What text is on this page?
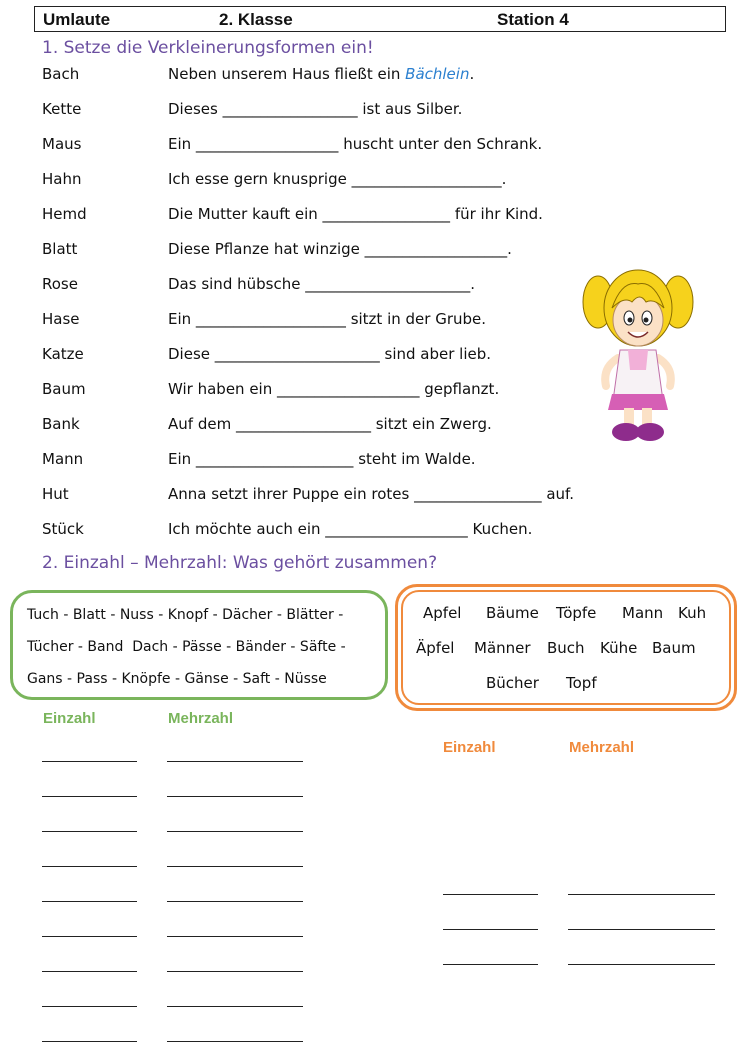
Umlaute	2. Klasse	Station 4
1. Setze die Verkleinerungsformen ein!
Bach	Neben unserem Haus fließt ein Bächlein.
Kette	Dieses __________________ ist aus Silber.
Maus	Ein ___________________ huscht unter den Schrank.
Hahn	Ich esse gern knusprige ____________________.
Hemd	Die Mutter kauft ein _________________ für ihr Kind.
Blatt	Diese Pflanze hat winzige ___________________.
Rose	Das sind hübsche ______________________.
Hase	Ein ____________________ sitzt in der Grube.
Katze	Diese ______________________ sind aber lieb.
Baum	Wir haben ein ___________________ gepflanzt.
Bank	Auf dem __________________ sitzt ein Zwerg.
Mann	Ein _____________________ steht im Walde.
Hut	Anna setzt ihrer Puppe ein rotes _________________ auf.
Stück	Ich möchte auch ein ___________________ Kuchen.
2. Einzahl – Mehrzahl: Was gehört zusammen?
Tuch - Blatt - Nuss - Knopf - Dächer - Blätter -
Tücher - Band  Dach - Pässe - Bänder - Säfte -
Gans - Pass - Knöpfe - Gänse - Saft - Nüsse
Apfel Bäume Töpfe Mann Kuh
Äpfel Männer Buch Kühe Baum
Bücher Topf
Einzahl	Mehrzahl
Einzahl	Mehrzahl
